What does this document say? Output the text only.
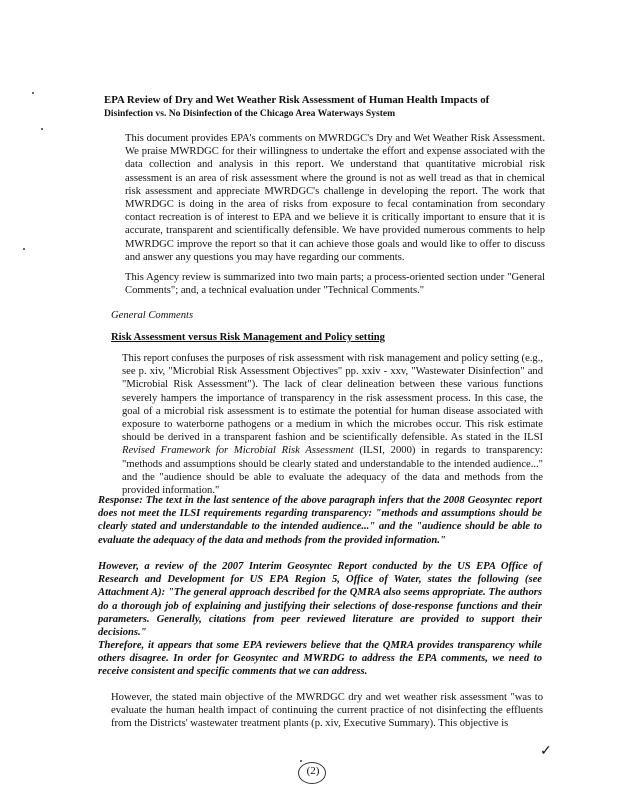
EPA Review of Dry and Wet Weather Risk Assessment of Human Health Impacts of
Disinfection vs. No Disinfection of the Chicago Area Waterways System
This document provides EPA's comments on MWRDGC's Dry and Wet Weather Risk Assessment. We praise MWRDGC for their willingness to undertake the effort and expense associated with the data collection and analysis in this report. We understand that quantitative microbial risk assessment is an area of risk assessment where the ground is not as well tread as that in chemical risk assessment and appreciate MWRDGC's challenge in developing the report. The work that MWRDGC is doing in the area of risks from exposure to fecal contamination from secondary contact recreation is of interest to EPA and we believe it is critically important to ensure that it is accurate, transparent and scientifically defensible. We have provided numerous comments to help MWRDGC improve the report so that it can achieve those goals and would like to offer to discuss and answer any questions you may have regarding our comments.
This Agency review is summarized into two main parts; a process-oriented section under "General Comments"; and, a technical evaluation under "Technical Comments."
General Comments
Risk Assessment versus Risk Management and Policy setting
This report confuses the purposes of risk assessment with risk management and policy setting (e.g., see p. xiv, "Microbial Risk Assessment Objectives" pp. xxiv - xxv, "Wastewater Disinfection" and "Microbial Risk Assessment"). The lack of clear delineation between these various functions severely hampers the importance of transparency in the risk assessment process. In this case, the goal of a microbial risk assessment is to estimate the potential for human disease associated with exposure to waterborne pathogens or a medium in which the microbes occur. This risk estimate should be derived in a transparent fashion and be scientifically defensible. As stated in the ILSI Revised Framework for Microbial Risk Assessment (ILSI, 2000) in regards to transparency: "methods and assumptions should be clearly stated and understandable to the intended audience..." and the "audience should be able to evaluate the adequacy of the data and methods from the provided information."
Response: The text in the last sentence of the above paragraph infers that the 2008 Geosyntec report does not meet the ILSI requirements regarding transparency: "methods and assumptions should be clearly stated and understandable to the intended audience..." and the "audience should be able to evaluate the adequacy of the data and methods from the provided information."
However, a review of the 2007 Interim Geosyntec Report conducted by the US EPA Office of Research and Development for US EPA Region 5, Office of Water, states the following (see Attachment A): "The general approach described for the QMRA also seems appropriate. The authors do a thorough job of explaining and justifying their selections of dose-response functions and their parameters. Generally, citations from peer reviewed literature are provided to support their decisions."
Therefore, it appears that some EPA reviewers believe that the QMRA provides transparency while others disagree. In order for Geosyntec and MWRDG to address the EPA comments, we need to receive consistent and specific comments that we can address.
However, the stated main objective of the MWRDGC dry and wet weather risk assessment "was to evaluate the human health impact of continuing the current practice of not disinfecting the effluents from the Districts' wastewater treatment plants (p. xiv, Executive Summary). This objective is
✓
(2)
